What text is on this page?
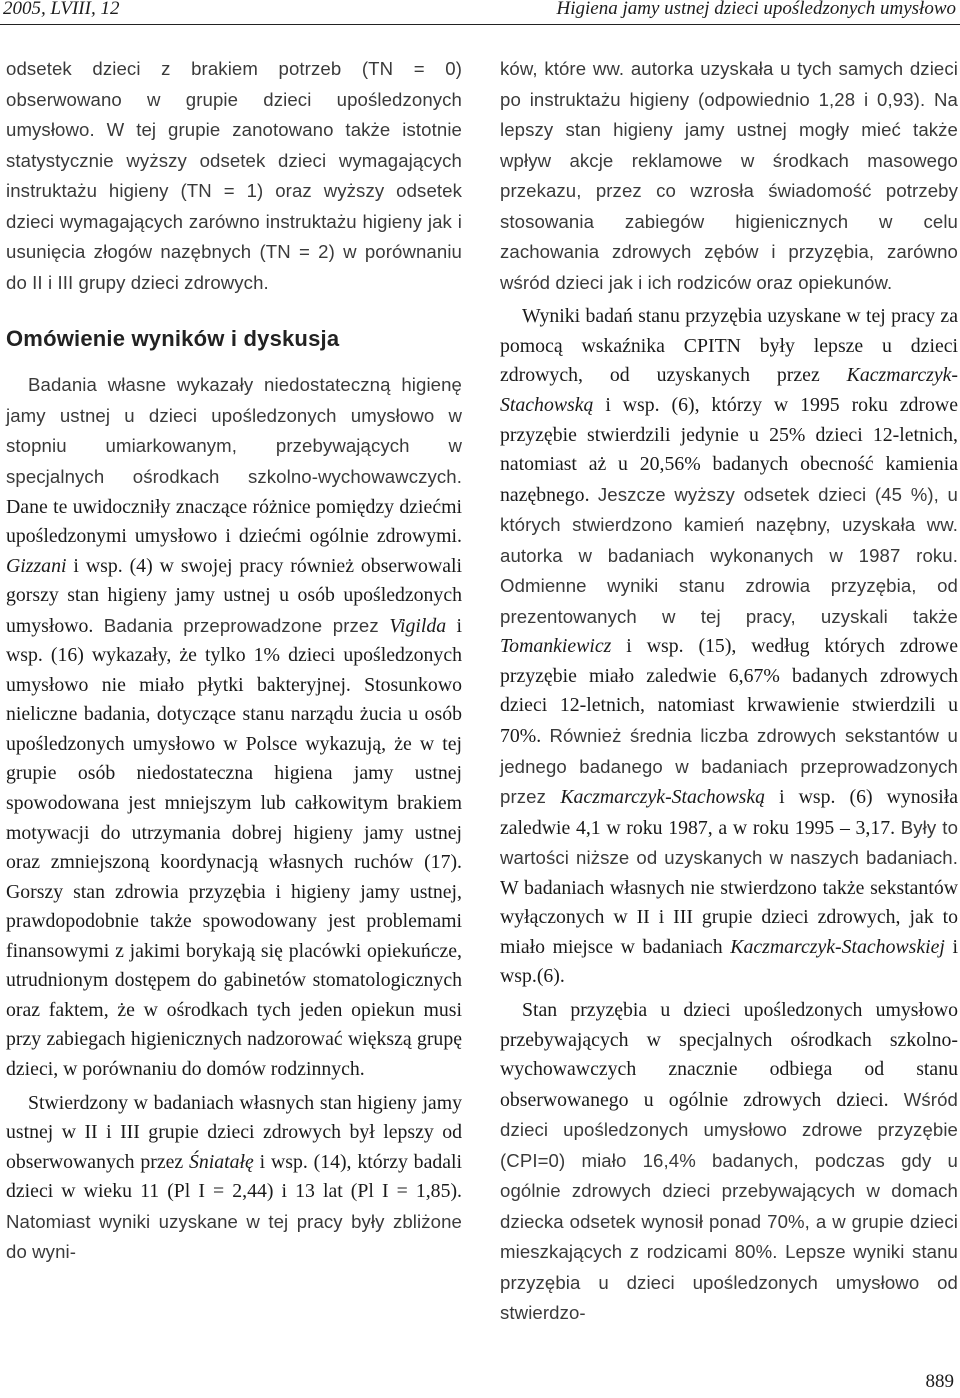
2005, LVIII, 12	Higiena jamy ustnej dzieci upośledzonych umysłowo

odsetek dzieci z brakiem potrzeb (TN = 0) obserwowano w grupie dzieci upośledzonych umysłowo. W tej grupie zanotowano także istotnie statystycznie wyższy odsetek dzieci wymagających instruktażu higieny (TN = 1) oraz wyższy odsetek dzieci wymagających zarówno instruktażu higieny jak i usunięcia złogów nazębnych (TN = 2) w porównaniu do II i III grupy dzieci zdrowych.

Omówienie wyników i dyskusja

Badania własne wykazały niedostateczną higienę jamy ustnej u dzieci upośledzonych umysłowo w stopniu umiarkowanym, przebywających w specjalnych ośrodkach szkolno-wychowawczych. Dane te uwidoczniły znaczące różnice pomiędzy dziećmi upośledzonymi umysłowo i dziećmi ogólnie zdrowymi. Gizzani i wsp. (4) w swojej pracy również obserwowali gorszy stan higieny jamy ustnej u osób upośledzonych umysłowo. Badania przeprowadzone przez Vigilda i wsp. (16) wykazały, że tylko 1% dzieci upośledzonych umysłowo nie miało płytki bakteryjnej. Stosunkowo nieliczne badania, dotyczące stanu narządu żucia u osób upośledzonych umysłowo w Polsce wykazują, że w tej grupie osób niedostateczna higiena jamy ustnej spowodowana jest mniejszym lub całkowitym brakiem motywacji do utrzymania dobrej higieny jamy ustnej oraz zmniejszoną koordynacją własnych ruchów (17). Gorszy stan zdrowia przyzębia i higieny jamy ustnej, prawdopodobnie także spowodowany jest problemami finansowymi z jakimi borykają się placówki opiekuńcze, utrudnionym dostępem do gabinetów stomatologicznych oraz faktem, że w ośrodkach tych jeden opiekun musi przy zabiegach higienicznych nadzorować większą grupę dzieci, w porównaniu do domów rodzinnych.

Stwierdzony w badaniach własnych stan higieny jamy ustnej w II i III grupie dzieci zdrowych był lepszy od obserwowanych przez Śniatałę i wsp. (14), którzy badali dzieci w wieku 11 (Pl I = 2,44) i 13 lat (Pl I = 1,85). Natomiast wyniki uzyskane w tej pracy były zbliżone do wyni-

ków, które ww. autorka uzyskała u tych samych dzieci po instruktażu higieny (odpowiednio 1,28 i 0,93). Na lepszy stan higieny jamy ustnej mogły mieć także wpływ akcje reklamowe w środkach masowego przekazu, przez co wzrosła świadomość potrzeby stosowania zabiegów higienicznych w celu zachowania zdrowych zębów i przyzębia, zarówno wśród dzieci jak i ich rodziców oraz opiekunów.

Wyniki badań stanu przyzębia uzyskane w tej pracy za pomocą wskaźnika CPITN były lepsze u dzieci zdrowych, od uzyskanych przez Kaczmarczyk-Stachowską i wsp. (6), którzy w 1995 roku zdrowe przyzębie stwierdzili jedynie u 25% dzieci 12-letnich, natomiast aż u 20,56% badanych obecność kamienia nazębnego. Jeszcze wyższy odsetek dzieci (45 %), u których stwierdzono kamień nazębny, uzyskała ww. autorka w badaniach wykonanych w 1987 roku. Odmienne wyniki stanu zdrowia przyzębia, od prezentowanych w tej pracy, uzyskali także Tomankiewicz i wsp. (15), według których zdrowe przyzębie miało zaledwie 6,67% badanych zdrowych dzieci 12-letnich, natomiast krwawienie stwierdzili u 70%. Również średnia liczba zdrowych sekstantów u jednego badanego w badaniach przeprowadzonych przez Kaczmarczyk-Stachowską i wsp. (6) wynosiła zaledwie 4,1 w roku 1987, a w roku 1995 – 3,17. Były to wartości niższe od uzyskanych w naszych badaniach. W badaniach własnych nie stwierdzono także sekstantów wyłączonych w II i III grupie dzieci zdrowych, jak to miało miejsce w badaniach Kaczmarczyk-Stachowskiej i wsp.(6).

Stan przyzębia u dzieci upośledzonych umysłowo przebywających w specjalnych ośrodkach szkolno-wychowawczych znacznie odbiega od stanu obserwowanego u ogólnie zdrowych dzieci. Wśród dzieci upośledzonych umysłowo zdrowe przyzębie (CPI=0) miało 16,4% badanych, podczas gdy u ogólnie zdrowych dzieci przebywających w domach dziecka odsetek wynosił ponad 70%, a w grupie dzieci mieszkających z rodzicami 80%. Lepsze wyniki stanu przyzębia u dzieci upośledzonych umysłowo od stwierdzo-

889
